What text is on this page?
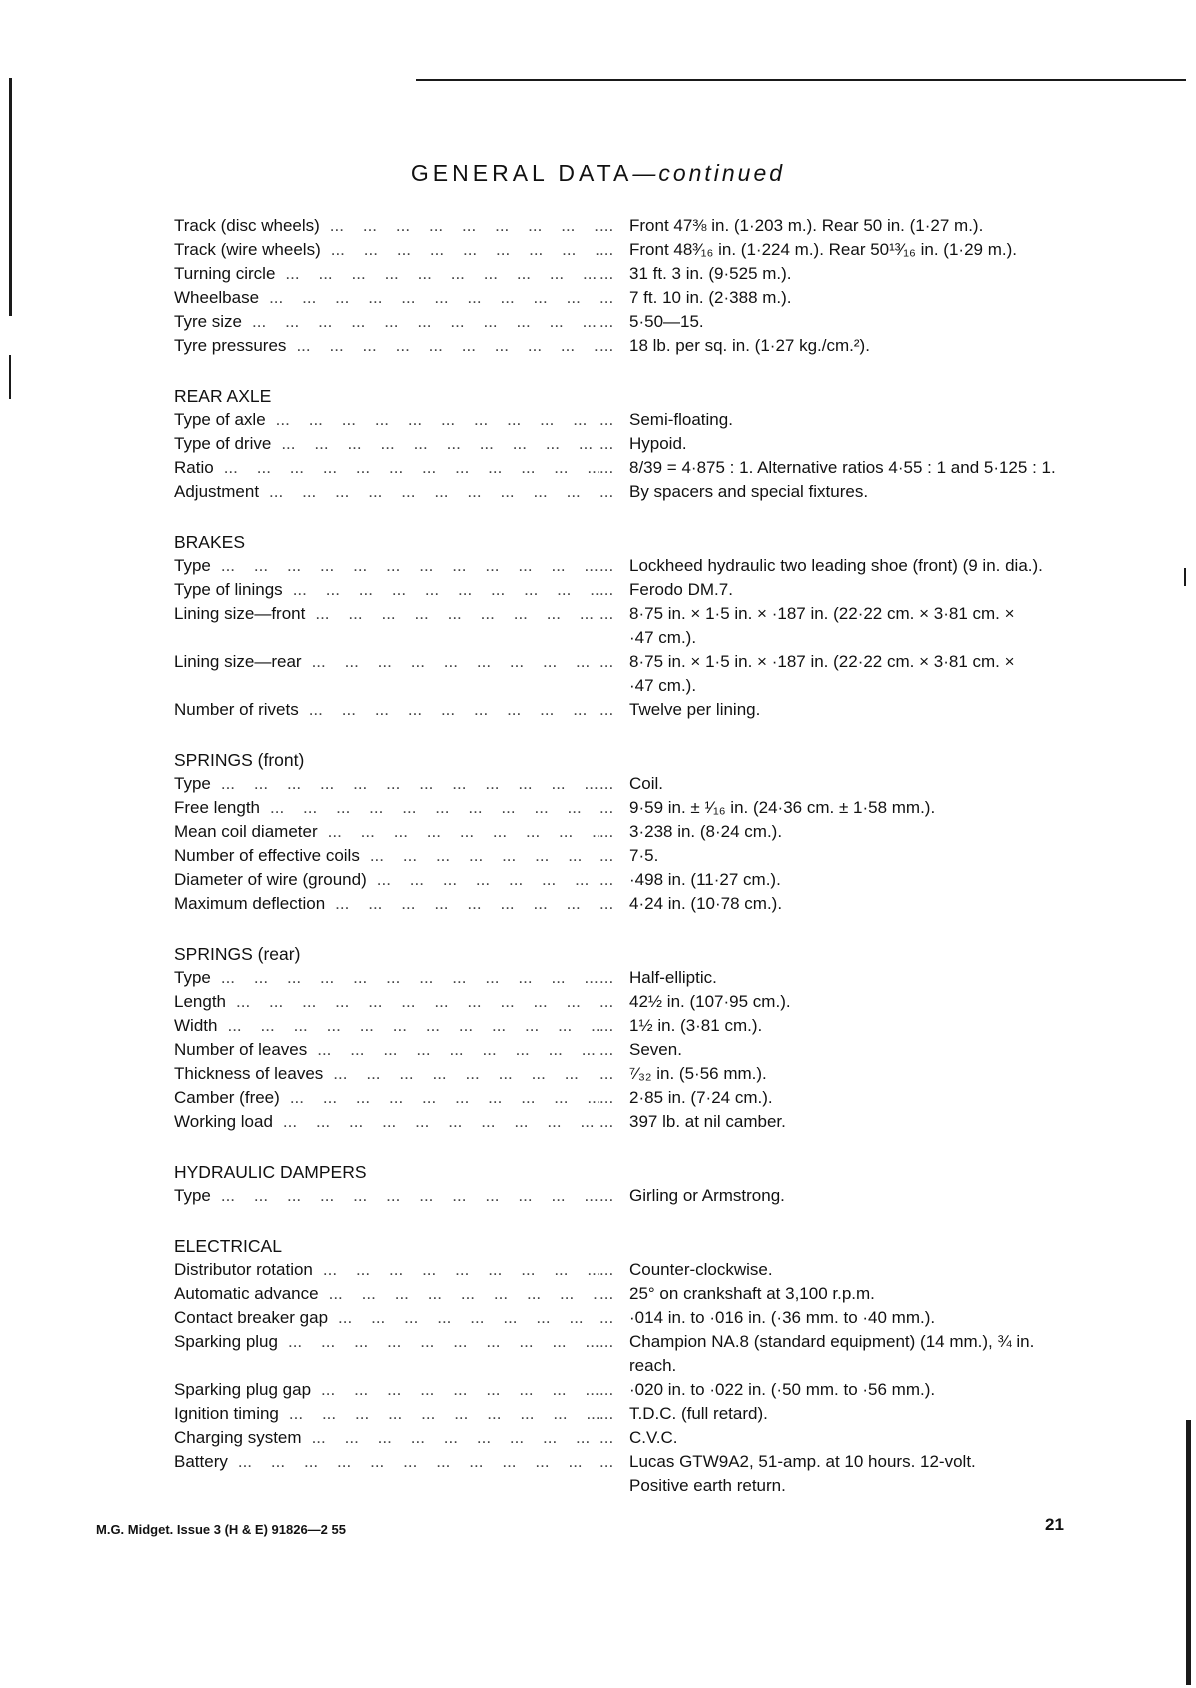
GENERAL DATA—continued
Track (disc wheels) ...	... Front 47⅜ in. (1·203 m.). Rear 50 in. (1·27 m.).
Track (wire wheels) ...	... Front 48³⁄₁₆ in. (1·224 m.). Rear 50¹³⁄₁₆ in. (1·29 m.).
Turning circle ...	... 31 ft. 3 in. (9·525 m.).
Wheelbase ...	... 7 ft. 10 in. (2·388 m.).
Tyre size ...	... 5·50—15.
Tyre pressures ...	... 18 lb. per sq. in. (1·27 kg./cm.²).
REAR AXLE
Type of axle ...	... Semi-floating.
Type of drive ...	... Hypoid.
Ratio ...	... 8/39 = 4·875 : 1. Alternative ratios 4·55 : 1 and 5·125 : 1.
Adjustment ...	... By spacers and special fixtures.
BRAKES
Type ...	... Lockheed hydraulic two leading shoe (front) (9 in. dia.).
Type of linings ...	... Ferodo DM.7.
Lining size—front ...	... 8·75 in. × 1·5 in. × ·187 in. (22·22 cm. × 3·81 cm. ×
·47 cm.).
Lining size—rear ...	... 8·75 in. × 1·5 in. × ·187 in. (22·22 cm. × 3·81 cm. ×
·47 cm.).
Number of rivets ...	... Twelve per lining.
SPRINGS (front)
Type ...	... Coil.
Free length ...	... 9·59 in. ± ¹⁄₁₆ in. (24·36 cm. ± 1·58 mm.).
Mean coil diameter ...	... 3·238 in. (8·24 cm.).
Number of effective coils ...	... 7·5.
Diameter of wire (ground) ...	... ·498 in. (11·27 cm.).
Maximum deflection ...	... 4·24 in. (10·78 cm.).
SPRINGS (rear)
Type ...	... Half-elliptic.
Length ...	... 42½ in. (107·95 cm.).
Width ...	... 1½ in. (3·81 cm.).
Number of leaves ...	... Seven.
Thickness of leaves ...	... ⁷⁄₃₂ in. (5·56 mm.).
Camber (free) ...	... 2·85 in. (7·24 cm.).
Working load ...	... 397 lb. at nil camber.
HYDRAULIC DAMPERS
Type ...	... Girling or Armstrong.
ELECTRICAL
Distributor rotation ...	... Counter-clockwise.
Automatic advance ...	... 25° on crankshaft at 3,100 r.p.m.
Contact breaker gap ...	... ·014 in. to ·016 in. (·36 mm. to ·40 mm.).
Sparking plug ...	... Champion NA.8 (standard equipment) (14 mm.), ¾ in.
reach.
Sparking plug gap ...	... ·020 in. to ·022 in. (·50 mm. to ·56 mm.).
Ignition timing ...	... T.D.C. (full retard).
Charging system ...	... C.V.C.
Battery ...	... Lucas GTW9A2, 51-amp. at 10 hours. 12-volt.
Positive earth return.
M.G. Midget. Issue 3 (H & E) 91826—2 55	21
